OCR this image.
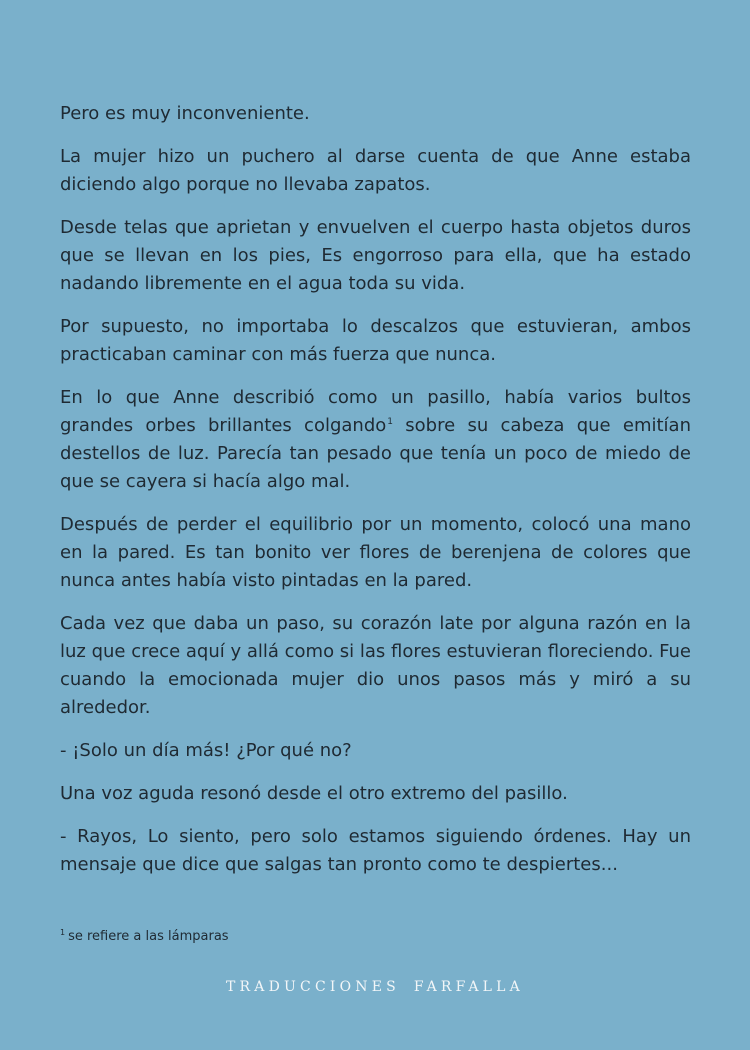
Pero es muy inconveniente.

La mujer hizo un puchero al darse cuenta de que Anne estaba diciendo algo porque no llevaba zapatos.

Desde telas que aprietan y envuelven el cuerpo hasta objetos duros que se llevan en los pies, Es engorroso para ella, que ha estado nadando libremente en el agua toda su vida.

Por supuesto, no importaba lo descalzos que estuvieran, ambos practicaban caminar con más fuerza que nunca.

En lo que Anne describió como un pasillo, había varios bultos grandes orbes brillantes colgando$^1$ sobre su cabeza que emitían destellos de luz. Parecía tan pesado que tenía un poco de miedo de que se cayera si hacía algo mal.

Después de perder el equilibrio por un momento, colocó una mano en la pared. Es tan bonito ver flores de berenjena de colores que nunca antes había visto pintadas en la pared.

Cada vez que daba un paso, su corazón late por alguna razón en la luz que crece aquí y allá como si las flores estuvieran floreciendo. Fue cuando la emocionada mujer dio unos pasos más y miró a su alrededor.

- ¡Solo un día más! ¿Por qué no?

Una voz aguda resonó desde el otro extremo del pasillo.

- Rayos, Lo siento, pero solo estamos siguiendo órdenes. Hay un mensaje que dice que salgas tan pronto como te despiertes...

$^1$ se refiere a las lámparas
TRADUCCIONES FARFALLA
